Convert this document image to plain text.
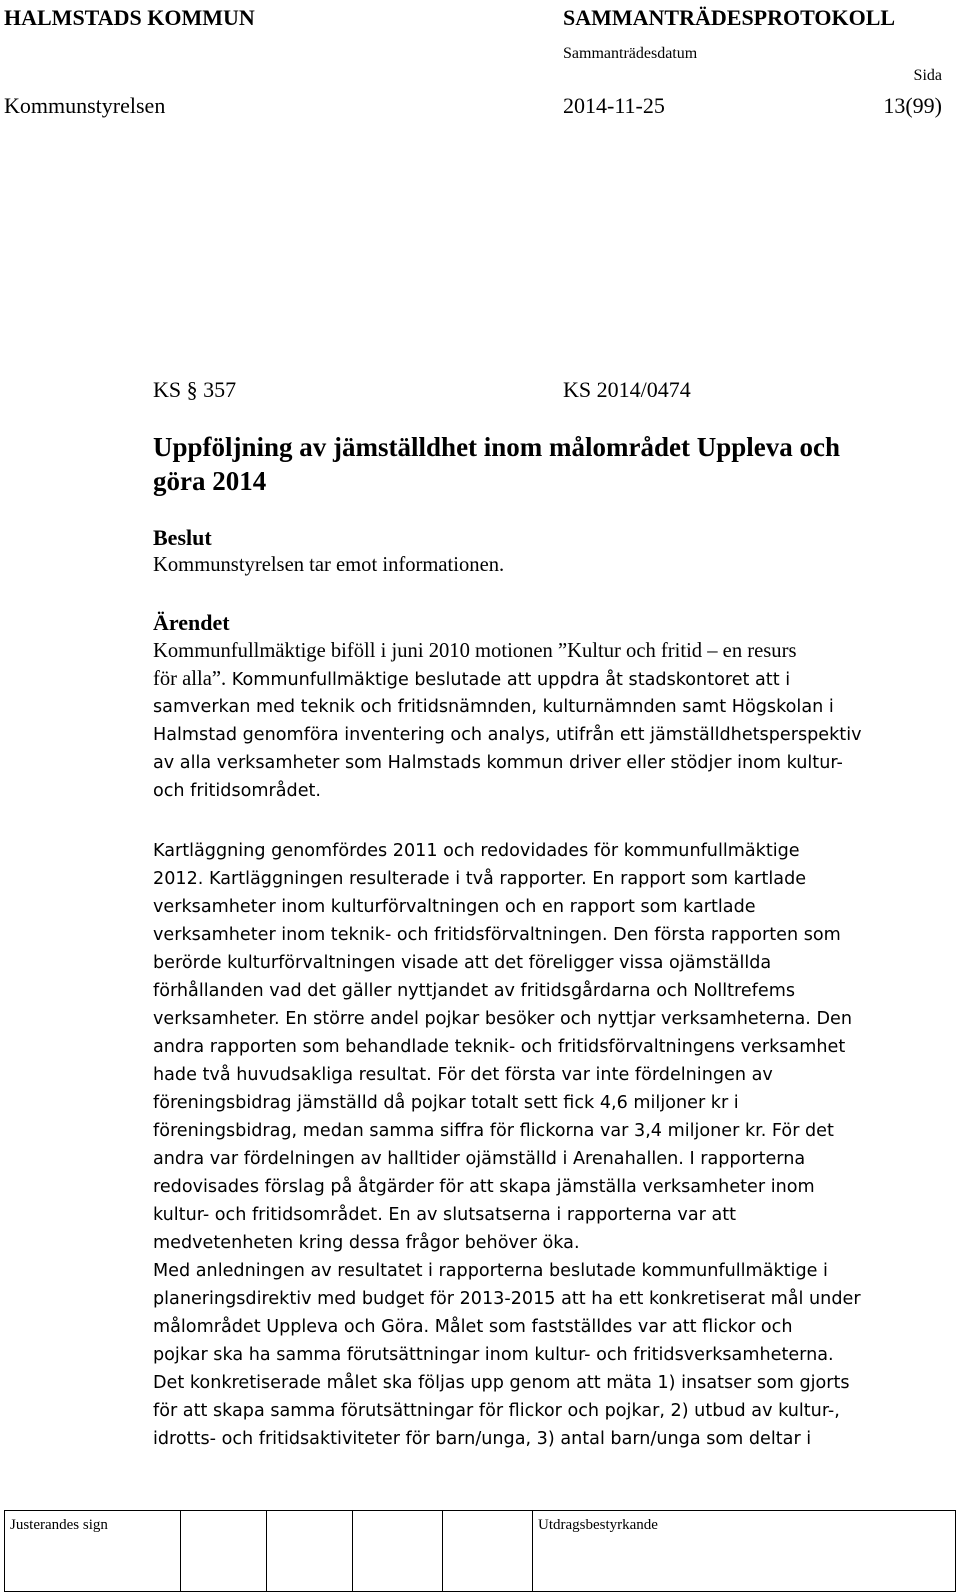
HALMSTADS KOMMUN	SAMMANTRÄDESPROTOKOLL
Sammanträdesdatum
Sida
Kommunstyrelsen	2014-11-25	13(99)
KS § 357	KS 2014/0474
Uppföljning av jämställdhet inom målområdet Uppleva och
göra 2014
Beslut
Kommunstyrelsen tar emot informationen.
Ärendet
Kommunfullmäktige biföll i juni 2010 motionen ”Kultur och fritid – en resurs
för alla”. Kommunfullmäktige beslutade att uppdra åt stadskontoret att i
samverkan med teknik och fritidsnämnden, kulturnämnden samt Högskolan i
Halmstad genomföra inventering och analys, utifrån ett jämställdhetsperspektiv
av alla verksamheter som Halmstads kommun driver eller stödjer inom kultur-
och fritidsområdet.
Kartläggning genomfördes 2011 och redovidades för kommunfullmäktige
2012. Kartläggningen resulterade i två rapporter. En rapport som kartlade
verksamheter inom kulturförvaltningen och en rapport som kartlade
verksamheter inom teknik- och fritidsförvaltningen. Den första rapporten som
berörde kulturförvaltningen visade att det föreligger vissa ojämställda
förhållanden vad det gäller nyttjandet av fritidsgårdarna och Nolltrefems
verksamheter. En större andel pojkar besöker och nyttjar verksamheterna. Den
andra rapporten som behandlade teknik- och fritidsförvaltningens verksamhet
hade två huvudsakliga resultat. För det första var inte fördelningen av
föreningsbidrag jämställd då pojkar totalt sett fick 4,6 miljoner kr i
föreningsbidrag, medan samma siffra för flickorna var 3,4 miljoner kr. För det
andra var fördelningen av halltider ojämställd i Arenahallen. I rapporterna
redovisades förslag på åtgärder för att skapa jämställa verksamheter inom
kultur- och fritidsområdet. En av slutsatserna i rapporterna var att
medvetenheten kring dessa frågor behöver öka.
Med anledningen av resultatet i rapporterna beslutade kommunfullmäktige i
planeringsdirektiv med budget för 2013-2015 att ha ett konkretiserat mål under
målområdet Uppleva och Göra. Målet som fastställdes var att flickor och
pojkar ska ha samma förutsättningar inom kultur- och fritidsverksamheterna.
Det konkretiserade målet ska följas upp genom att mäta 1) insatser som gjorts
för att skapa samma förutsättningar för flickor och pojkar, 2) utbud av kultur-,
idrotts- och fritidsaktiviteter för barn/unga, 3) antal barn/unga som deltar i
Justerandes sign	Utdragsbestyrkande
